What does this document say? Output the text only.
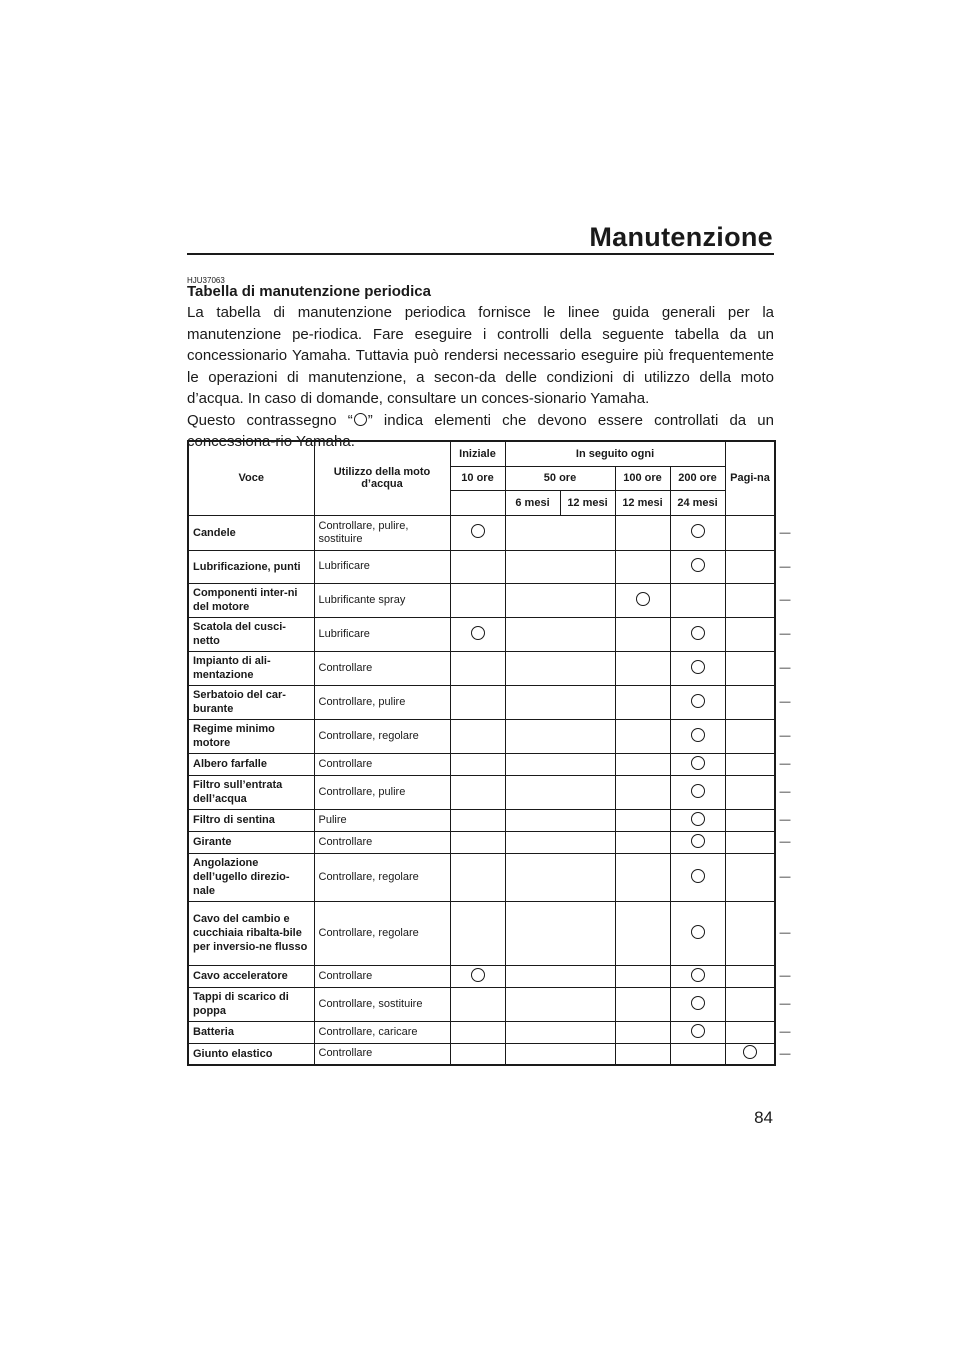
Manutenzione
HJU37063
Tabella di manutenzione periodica

La tabella di manutenzione periodica fornisce le linee guida generali per la manutenzione pe-riodica. Fare eseguire i controlli della seguente tabella da un concessionario Yamaha. Tuttavia può rendersi necessario eseguire più frequentemente le operazioni di manutenzione, a secon-da delle condizioni di utilizzo della moto d’acqua. In caso di domande, consultare un conces-sionario Yamaha.

Questo contrassegno “○” indica elementi che devono essere controllati da un concessiona-rio Yamaha.

Voce	Utilizzo della moto d’acqua	Iniziale	In seguito ogni				Pagi-na	
		10 ore	50 ore		100 ore	200 ore		
			6 mesi	12 mesi	12 mesi	24 mesi		
Candele	Controllare, pulire, sostituire							—
Lubrificazione, punti	Lubrificare							—
Componenti inter-ni del motore	Lubrificante spray							—
Scatola del cusci-netto	Lubrificare							—
Impianto di ali-mentazione	Controllare							—
Serbatoio del car-burante	Controllare, pulire							—
Regime minimo motore	Controllare, regolare							—
Albero farfalle	Controllare							—
Filtro sull’entrata dell’acqua	Controllare, pulire							—
Filtro di sentina	Pulire							—
Girante	Controllare							—
Angolazione dell’ugello direzio-nale	Controllare, regolare							—
Cavo del cambio e cucchiaia ribalta-bile per inversio-ne flusso	Controllare, regolare							—
Cavo acceleratore	Controllare							—
Tappi di scarico di poppa	Controllare, sostituire							—
Batteria	Controllare, caricare							—
Giunto elastico	Controllare							—
84
